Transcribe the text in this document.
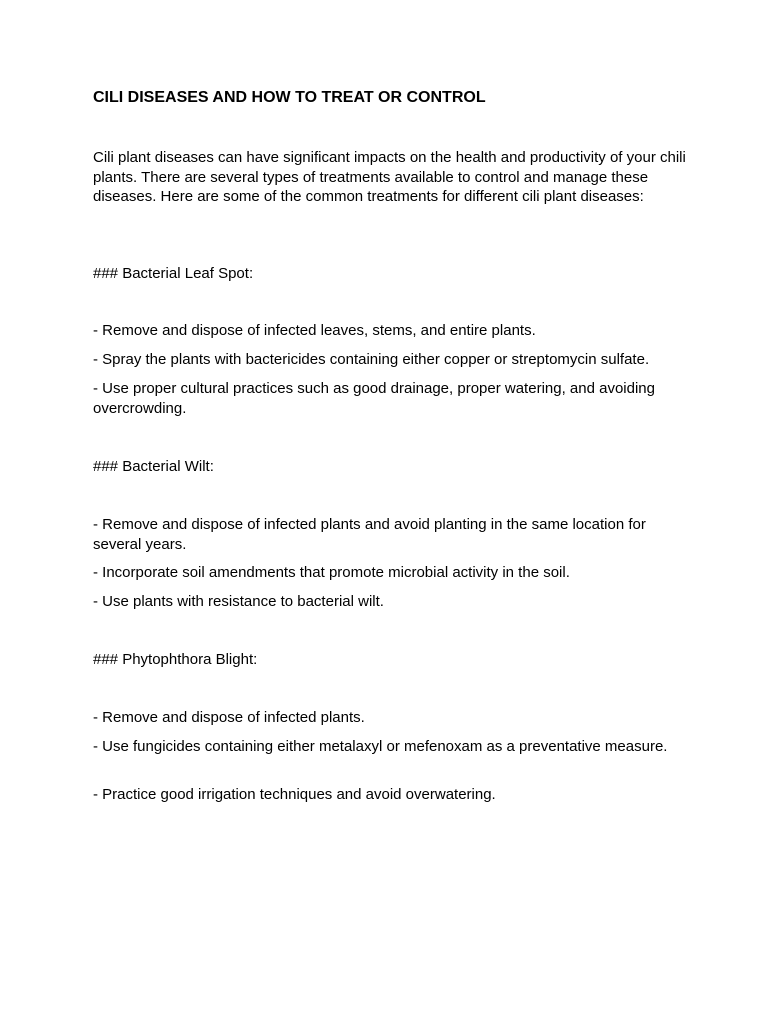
CILI DISEASES AND HOW TO TREAT OR CONTROL

Cili plant diseases can have significant impacts on the health and productivity of your chili plants. There are several types of treatments available to control and manage these diseases. Here are some of the common treatments for different cili plant diseases:

### Bacterial Leaf Spot:

- Remove and dispose of infected leaves, stems, and entire plants.

- Spray the plants with bactericides containing either copper or streptomycin sulfate.

- Use proper cultural practices such as good drainage, proper watering, and avoiding overcrowding.

### Bacterial Wilt:

- Remove and dispose of infected plants and avoid planting in the same location for several years.

- Incorporate soil amendments that promote microbial activity in the soil.

- Use plants with resistance to bacterial wilt.

### Phytophthora Blight:

- Remove and dispose of infected plants.

- Use fungicides containing either metalaxyl or mefenoxam as a preventative measure.

- Practice good irrigation techniques and avoid overwatering.
